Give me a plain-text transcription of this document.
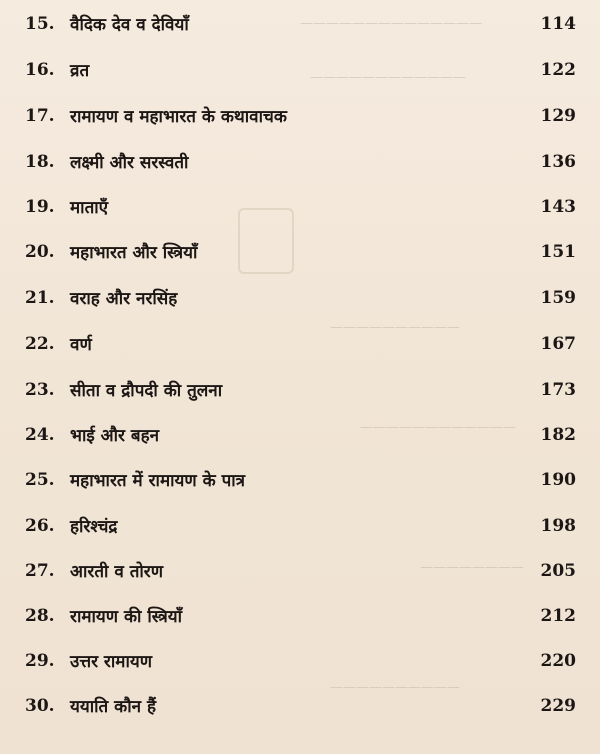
——————————————
————————————
——————————
————————————
————————
——————————
15. वैदिक देव व देवियाँ	114
16. व्रत	122
17. रामायण व महाभारत के कथावाचक	129
18. लक्ष्मी और सरस्वती	136
19. माताएँ	143
20. महाभारत और स्त्रियाँ	151
21. वराह और नरसिंह	159
22. वर्ण	167
23. सीता व द्रौपदी की तुलना	173
24. भाई और बहन	182
25. महाभारत में रामायण के पात्र	190
26. हरिश्चंद्र	198
27. आरती व तोरण	205
28. रामायण की स्त्रियाँ	212
29. उत्तर रामायण	220
30. ययाति कौन हैं	229
